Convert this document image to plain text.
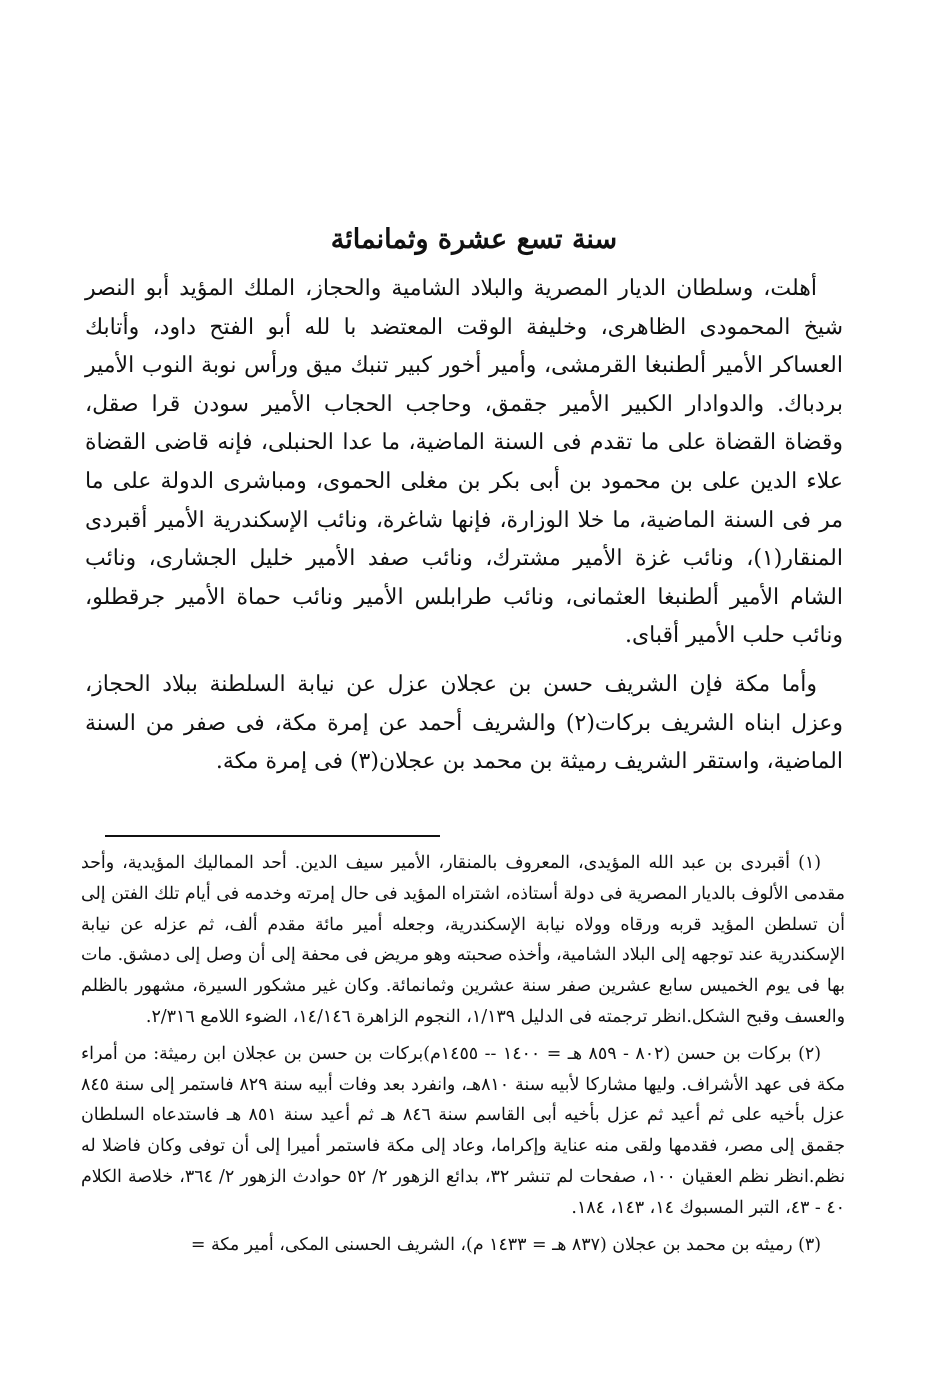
سنة تسع عشرة وثمانمائة

أهلت، وسلطان الديار المصرية والبلاد الشامية والحجاز، الملك المؤيد أبو النصر شيخ المحمودى الظاهرى، وخليفة الوقت المعتضد با لله أبو الفتح داود، وأتابك العساكر الأمير ألطنبغا القرمشى، وأمير أخور كبير تنبك ميق ورأس نوبة النوب الأمير بردباك. والدوادار الكبير الأمير جقمق، وحاجب الحجاب الأمير سودن قرا صقل، وقضاة القضاة على ما تقدم فى السنة الماضية، ما عدا الحنبلى، فإنه قاضى القضاة علاء الدين على بن محمود بن أبى بكر بن مغلى الحموى، ومباشرى الدولة على ما مر فى السنة الماضية، ما خلا الوزارة، فإنها شاغرة، ونائب الإسكندرية الأمير أقبردى المنقار(١)، ونائب غزة الأمير مشترك، ونائب صفد الأمير خليل الجشارى، ونائب الشام الأمير ألطنبغا العثمانى، ونائب طرابلس الأمير ونائب حماة الأمير جرقطلو، ونائب حلب الأمير أقباى.

وأما مكة فإن الشريف حسن بن عجلان عزل عن نيابة السلطنة ببلاد الحجاز، وعزل ابناه الشريف بركات(٢) والشريف أحمد عن إمرة مكة، فى صفر من السنة الماضية، واستقر الشريف رميثة بن محمد بن عجلان(٣) فى إمرة مكة.

(١) أقبردى بن عبد الله المؤيدى، المعروف بالمنقار، الأمير سيف الدين. أحد المماليك المؤيدية، وأحد مقدمى الألوف بالديار المصرية فى دولة أستاذه، اشتراه المؤيد فى حال إمرته وخدمه فى أيام تلك الفتن إلى أن تسلطن المؤيد قربه ورقاه وولاه نيابة الإسكندرية، وجعله أمير مائة مقدم ألف، ثم عزله عن نيابة الإسكندرية عند توجهه إلى البلاد الشامية، وأخذه صحبته وهو مريض فى محفة إلى أن وصل إلى دمشق. مات بها فى يوم الخميس سابع عشرين صفر سنة عشرين وثمانمائة. وكان غير مشكور السيرة، مشهور بالظلم والعسف وقبح الشكل.انظر ترجمته فى الدليل ١/١٣٩، النجوم الزاهرة ١٤/١٤٦، الضوء اللامع ٢/٣١٦.

(٢) بركات بن حسن (٨٠٢ - ٨٥٩ هـ = ١٤٠٠ -- ١٤٥٥م)بركات بن حسن بن عجلان ابن رميثة: من أمراء مكة فى عهد الأشراف. وليها مشاركا لأبيه سنة ٨١٠هـ، وانفرد بعد وفات أبيه سنة ٨٢٩ فاستمر إلى سنة ٨٤٥ عزل بأخيه على ثم أعيد ثم عزل بأخيه أبى القاسم سنة ٨٤٦ هـ ثم أعيد سنة ٨٥١ هـ فاستدعاه السلطان جقمق إلى مصر، فقدمها ولقى منه عناية وإكراما، وعاد إلى مكة فاستمر أميرا إلى أن توفى وكان فاضلا له نظم.انظر نظم العقيان ١٠٠، صفحات لم تنشر ٣٢، بدائع الزهور ٢/ ٥٢ حوادث الزهور ٢/ ٣٦٤، خلاصة الكلام ٤٠ - ٤٣، التبر المسبوك ١٤، ١٤٣، ١٨٤.

(٣) رميثه بن محمد بن عجلان (٨٣٧ هـ = ١٤٣٣ م)، الشريف الحسنى المكى، أمير مكة =
